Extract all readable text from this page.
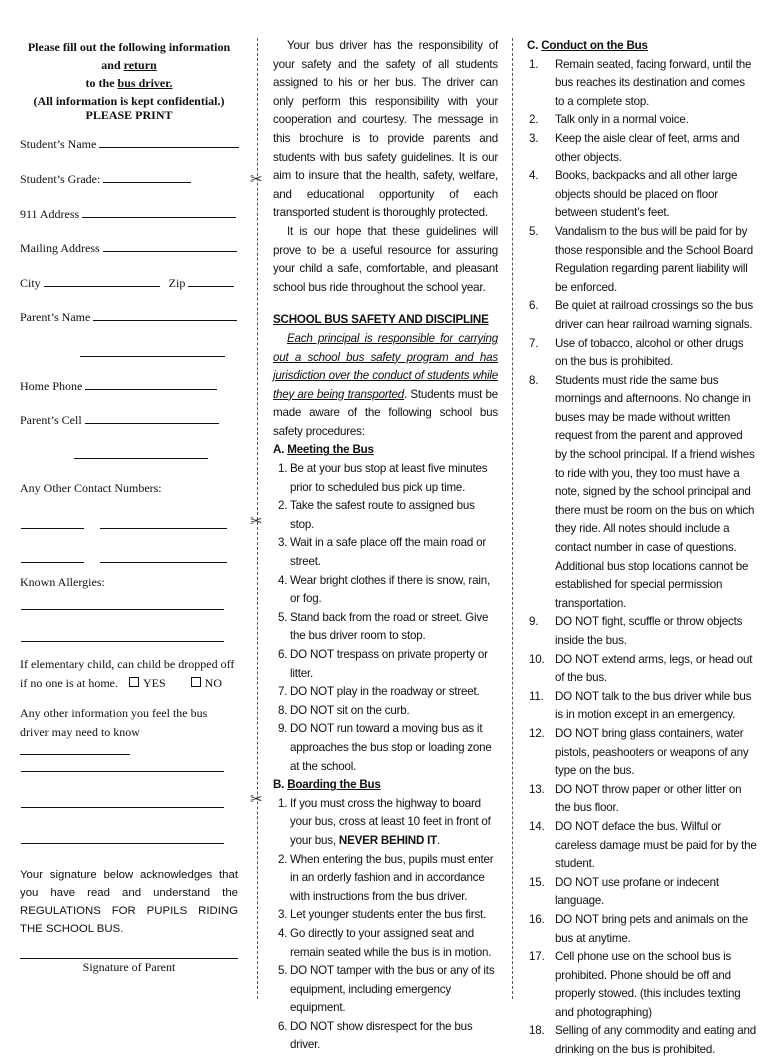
Please fill out the following information and return
to the bus driver.
(All information is kept confidential.)
PLEASE PRINT
Student’s Name
Student’s Grade:
911 Address
Mailing Address
City	Zip
Parent’s Name
Home Phone
Parent’s Cell
Any Other Contact Numbers:
Known Allergies:
If elementary child, can child be dropped off if no one is at home. YES	NO
Any other information you feel the bus driver may need to know
Your signature below acknowledges that you have read and understand the REGULATIONS FOR PUPILS RIDING THE SCHOOL BUS.
Signature of Parent
✂
✂
✂
Your bus driver has the responsibility of your safety and the safety of all students assigned to his or her bus. The driver can only perform this responsibility with your cooperation and courtesy. The message in this brochure is to provide parents and students with bus safety guidelines. It is our aim to insure that the health, safety, welfare, and educational opportunity of each transported student is thoroughly protected.
It is our hope that these guidelines will prove to be a useful resource for assuring your child a safe, comfortable, and pleasant school bus ride throughout the school year.
SCHOOL BUS SAFETY AND DISCIPLINE
Each principal is responsible for carrying out a school bus safety program and has jurisdiction over the conduct of students while they are being transported. Students must be made aware of the following school bus safety procedures:
A. Meeting the Bus
1. Be at your bus stop at least five minutes prior to scheduled bus pick up time.
2. Take the safest route to assigned bus stop.
3. Wait in a safe place off the main road or street.
4. Wear bright clothes if there is snow, rain, or fog.
5. Stand back from the road or street. Give the bus driver room to stop.
6. DO NOT trespass on private property or litter.
7. DO NOT play in the roadway or street.
8. DO NOT sit on the curb.
9. DO NOT run toward a moving bus as it approaches the bus stop or loading zone at the school.
B. Boarding the Bus
1. If you must cross the highway to board your bus, cross at least 10 feet in front of your bus, NEVER BEHIND IT.
2. When entering the bus, pupils must enter in an orderly fashion and in accordance with instructions from the bus driver.
3. Let younger students enter the bus first.
4. Go directly to your assigned seat and remain seated while the bus is in motion.
5. DO NOT tamper with the bus or any of its equipment, including emergency equipment.
6. DO NOT show disrespect for the bus driver.
C. Conduct on the Bus
1. Remain seated, facing forward, until the bus reaches its destination and comes to a complete stop.
2. Talk only in a normal voice.
3. Keep the aisle clear of feet, arms and other objects.
4. Books, backpacks and all other large objects should be placed on floor between student’s feet.
5. Vandalism to the bus will be paid for by those responsible and the School Board Regulation regarding parent liability will be enforced.
6. Be quiet at railroad crossings so the bus driver can hear railroad warning signals.
7. Use of tobacco, alcohol or other drugs on the bus is prohibited.
8. Students must ride the same bus mornings and afternoons. No change in buses may be made without written request from the parent and approved by the school principal. If a friend wishes to ride with you, they too must have a note, signed by the school principal and there must be room on the bus on which they ride. All notes should include a contact number in case of questions. Additional bus stop locations cannot be established for special permission transportation.
9. DO NOT fight, scuffle or throw objects inside the bus.
10. DO NOT extend arms, legs, or head out of the bus.
11. DO NOT talk to the bus driver while bus is in motion except in an emergency.
12. DO NOT bring glass containers, water pistols, peashooters or weapons of any type on the bus.
13. DO NOT throw paper or other litter on the bus floor.
14. DO NOT deface the bus. Wilful or careless damage must be paid for by the student.
15. DO NOT use profane or indecent language.
16. DO NOT bring pets and animals on the bus at anytime.
17. Cell phone use on the school bus is prohibited. Phone should be off and properly stowed. (this includes texting and photographing)
18. Selling of any commodity and eating and drinking on the bus is prohibited.
